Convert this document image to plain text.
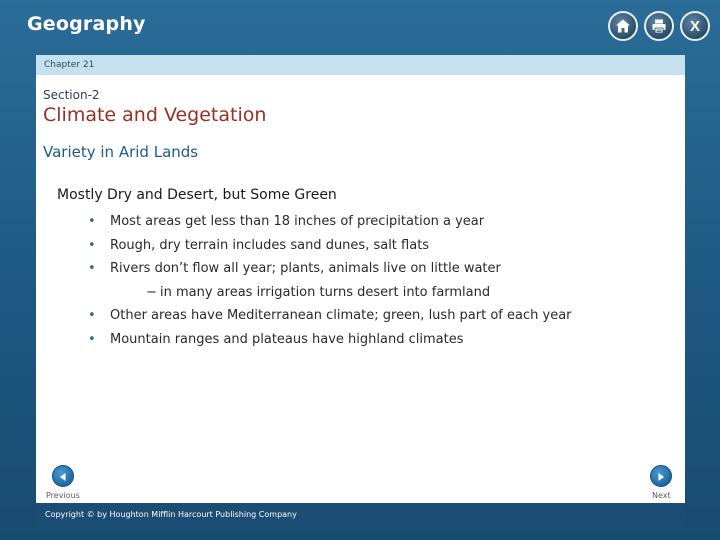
Geography	X
Chapter 21
Section-2
Climate and Vegetation
Variety in Arid Lands
Mostly Dry and Desert, but Some Green
• Most areas get less than 18 inches of precipitation a year
• Rough, dry terrain includes sand dunes, salt flats
• Rivers don’t flow all year; plants, animals live on little water
− in many areas irrigation turns desert into farmland
• Other areas have Mediterranean climate; green, lush part of each year
• Mountain ranges and plateaus have highland climates
Previous	Next
Copyright © by Houghton Mifflin Harcourt Publishing Company
